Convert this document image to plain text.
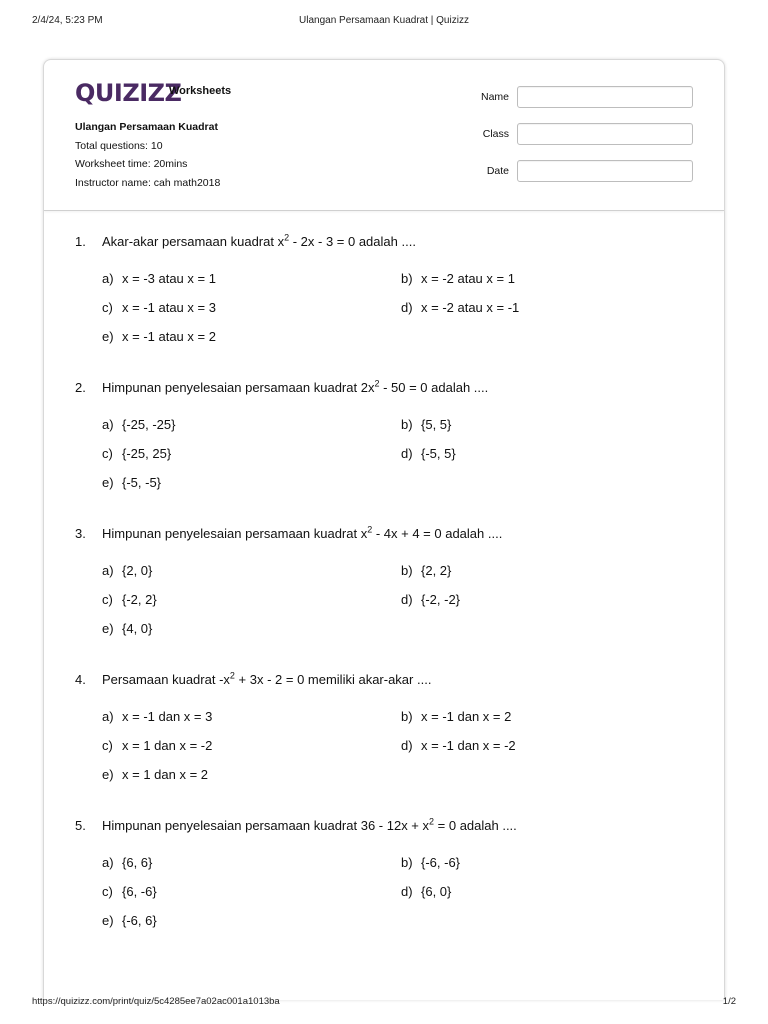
2/4/24, 5:23 PM	Ulangan Persamaan Kuadrat | Quizizz
QUIZIZZ
Worksheets
Ulangan Persamaan Kuadrat
Total questions: 10
Worksheet time: 20mins
Instructor name: cah math2018
Name
Class
Date
1. Akar-akar persamaan kuadrat $x^2 - 2x - 3 = 0$ adalah ....
a) x = -3 atau x = 1	b) x = -2 atau x = 1
c) x = -1 atau x = 3	d) x = -2 atau x = -1
e) x = -1 atau x = 2
2. Himpunan penyelesaian persamaan kuadrat $2x^2 - 50 = 0$ adalah ....
a) {-25, -25}	b) {5, 5}
c) {-25, 25}	d) {-5, 5}
e) {-5, -5}
3. Himpunan penyelesaian persamaan kuadrat $x^2 - 4x + 4 = 0$ adalah ....
a) {2, 0}	b) {2, 2}
c) {-2, 2}	d) {-2, -2}
e) {4, 0}
4. Persamaan kuadrat $-x^2 + 3x - 2 = 0$ memiliki akar-akar ....
a) x = -1 dan x = 3	b) x = -1 dan x = 2
c) x = 1 dan x = -2	d) x = -1 dan x = -2
e) x = 1 dan x = 2
5. Himpunan penyelesaian persamaan kuadrat $36 - 12x + x^2 = 0$ adalah ....
a) {6, 6}	b) {-6, -6}
c) {6, -6}	d) {6, 0}
e) {-6, 6}
https://quizizz.com/print/quiz/5c4285ee7a02ac001a1013ba	1/2
